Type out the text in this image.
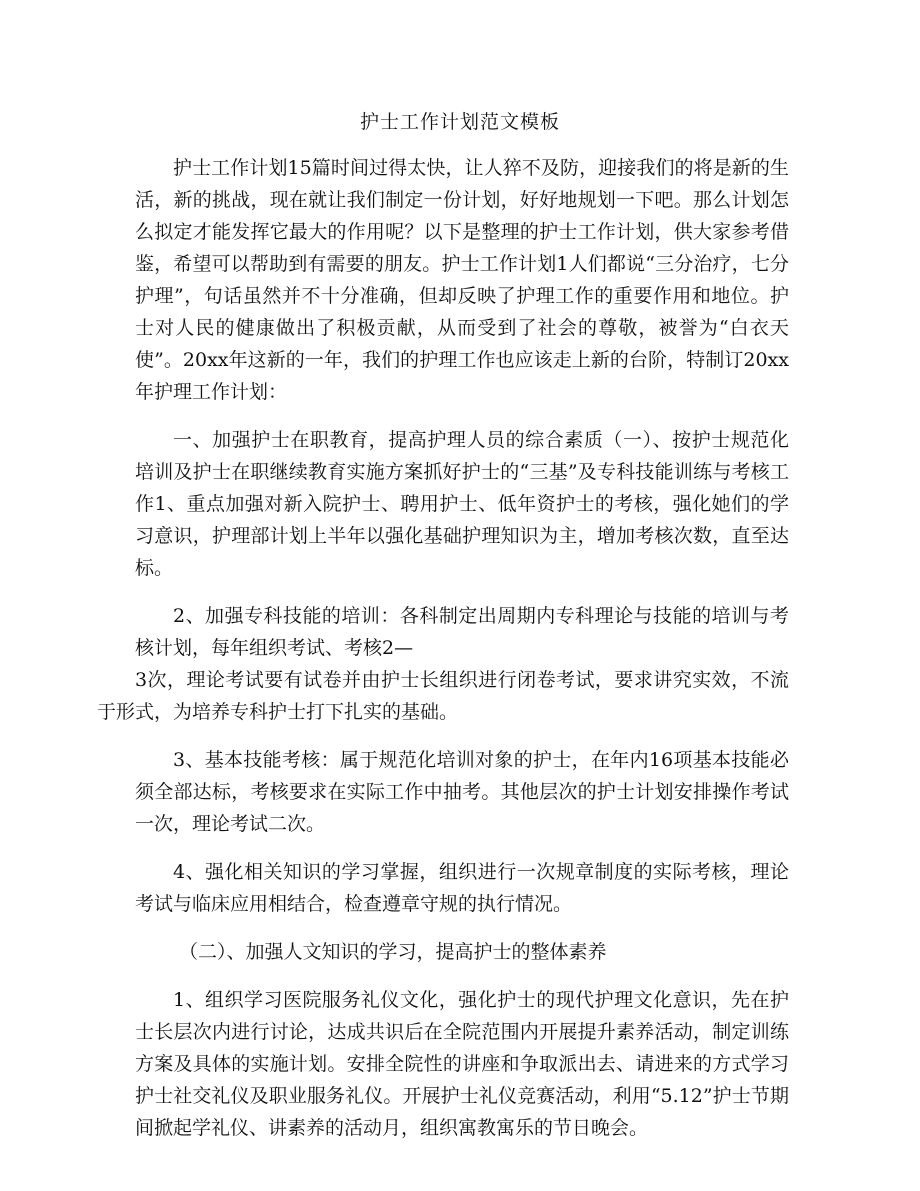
护士工作计划范文模板

护士工作计划15篇时间过得太快，让人猝不及防，迎接我们的将是新的生活，新的挑战，现在就让我们制定一份计划，好好地规划一下吧。那么计划怎么拟定才能发挥它最大的作用呢？以下是整理的护士工作计划，供大家参考借鉴，希望可以帮助到有需要的朋友。护士工作计划1人们都说“三分治疗，七分护理”，句话虽然并不十分准确，但却反映了护理工作的重要作用和地位。护士对人民的健康做出了积极贡献，从而受到了社会的尊敬，被誉为“白衣天使”。20xx年这新的一年，我们的护理工作也应该走上新的台阶，特制订20xx年护理工作计划：

一、加强护士在职教育，提高护理人员的综合素质（一）、按护士规范化培训及护士在职继续教育实施方案抓好护士的“三基”及专科技能训练与考核工作1、重点加强对新入院护士、聘用护士、低年资护士的考核，强化她们的学习意识，护理部计划上半年以强化基础护理知识为主，增加考核次数，直至达标。

2、加强专科技能的培训：各科制定出周期内专科理论与技能的培训与考核计划，每年组织考试、考核2—
3次，理论考试要有试卷并由护士长组织进行闭卷考试，要求讲究实效，不流于形式，为培养专科护士打下扎实的基础。

3、基本技能考核：属于规范化培训对象的护士，在年内16项基本技能必须全部达标，考核要求在实际工作中抽考。其他层次的护士计划安排操作考试一次，理论考试二次。

4、强化相关知识的学习掌握，组织进行一次规章制度的实际考核，理论考试与临床应用相结合，检查遵章守规的执行情况。

（二）、加强人文知识的学习，提高护士的整体素养

1、组织学习医院服务礼仪文化，强化护士的现代护理文化意识，先在护士长层次内进行讨论，达成共识后在全院范围内开展提升素养活动，制定训练方案及具体的实施计划。安排全院性的讲座和争取派出去、请进来的方式学习护士社交礼仪及职业服务礼仪。开展护士礼仪竞赛活动，利用“5.12”护士节期间掀起学礼仪、讲素养的活动月，组织寓教寓乐的节日晚会。
